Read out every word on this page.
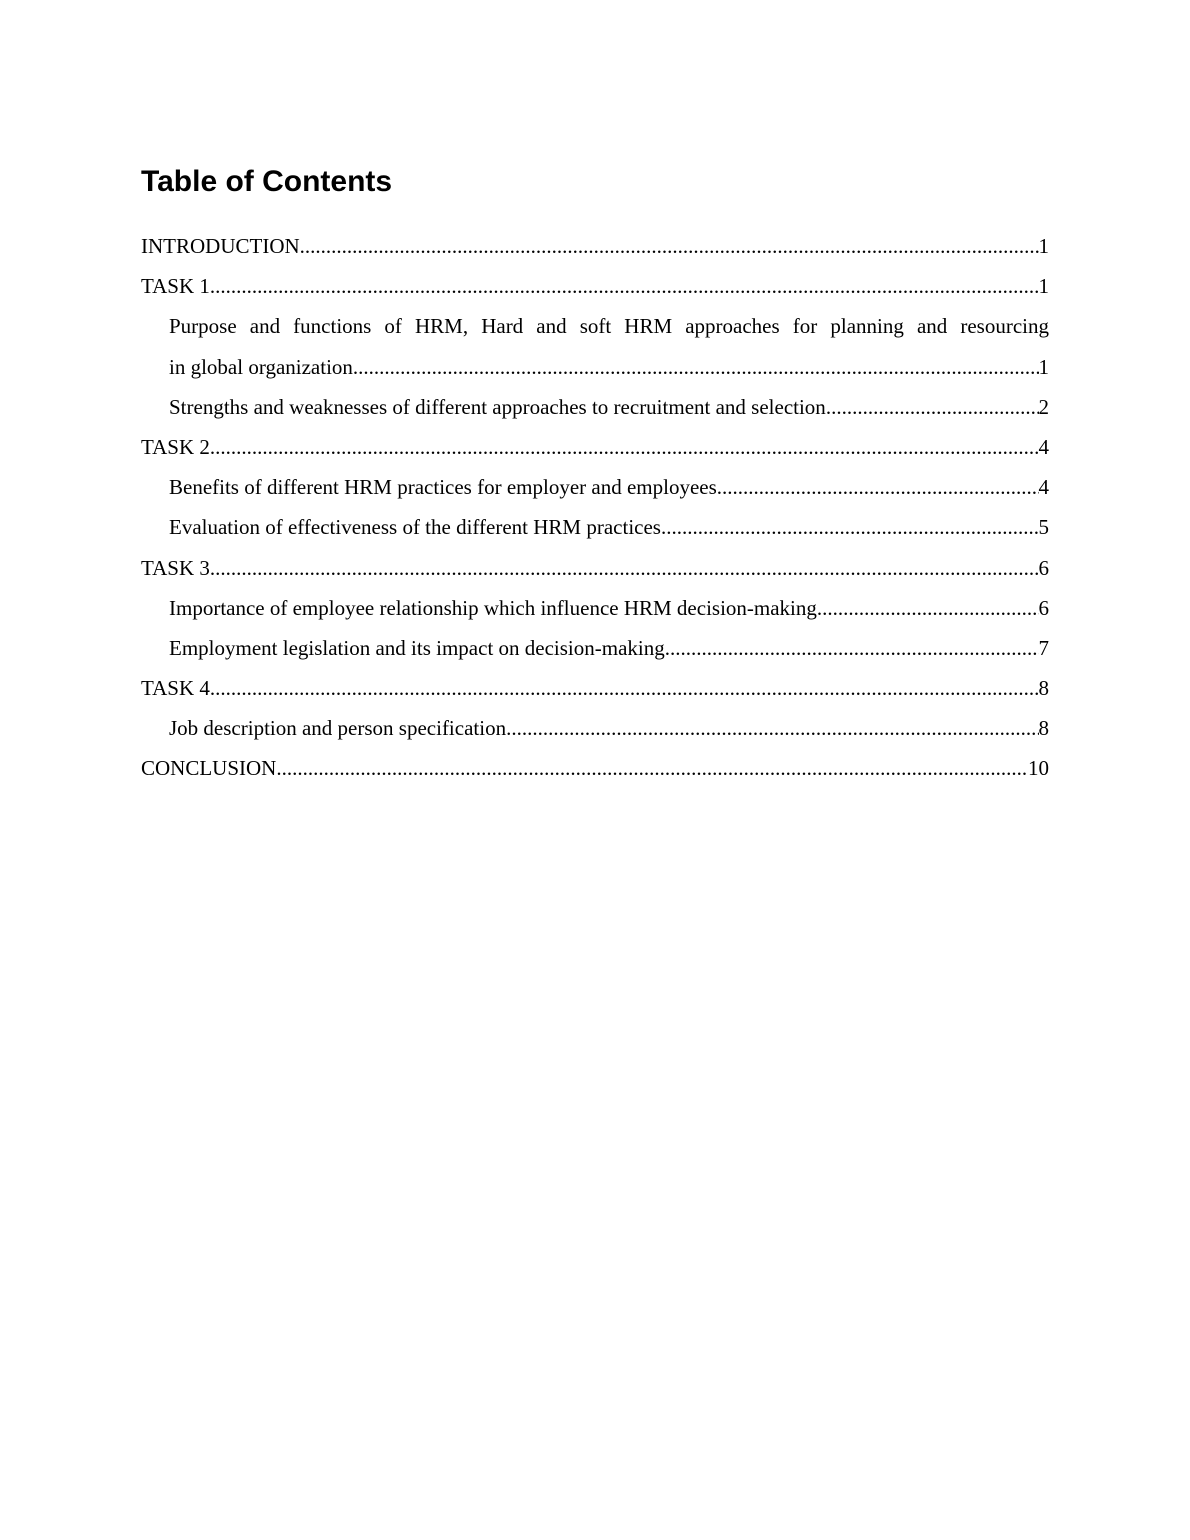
Table of Contents
INTRODUCTION .....	1
TASK 1 .....	1
Purpose and functions of HRM, Hard and soft HRM approaches for planning and resourcing
in global organization .....	1
Strengths and weaknesses of different approaches to recruitment and selection .....	2
TASK 2 .....	4
Benefits of different HRM practices for employer and employees .....	4
Evaluation of effectiveness of the different HRM practices .....	5
TASK 3 .....	6
Importance of employee relationship which influence HRM decision-making .....	6
Employment legislation and its impact on decision-making .....	7
TASK 4 .....	8
Job description and person specification .....	8
CONCLUSION .....	10
